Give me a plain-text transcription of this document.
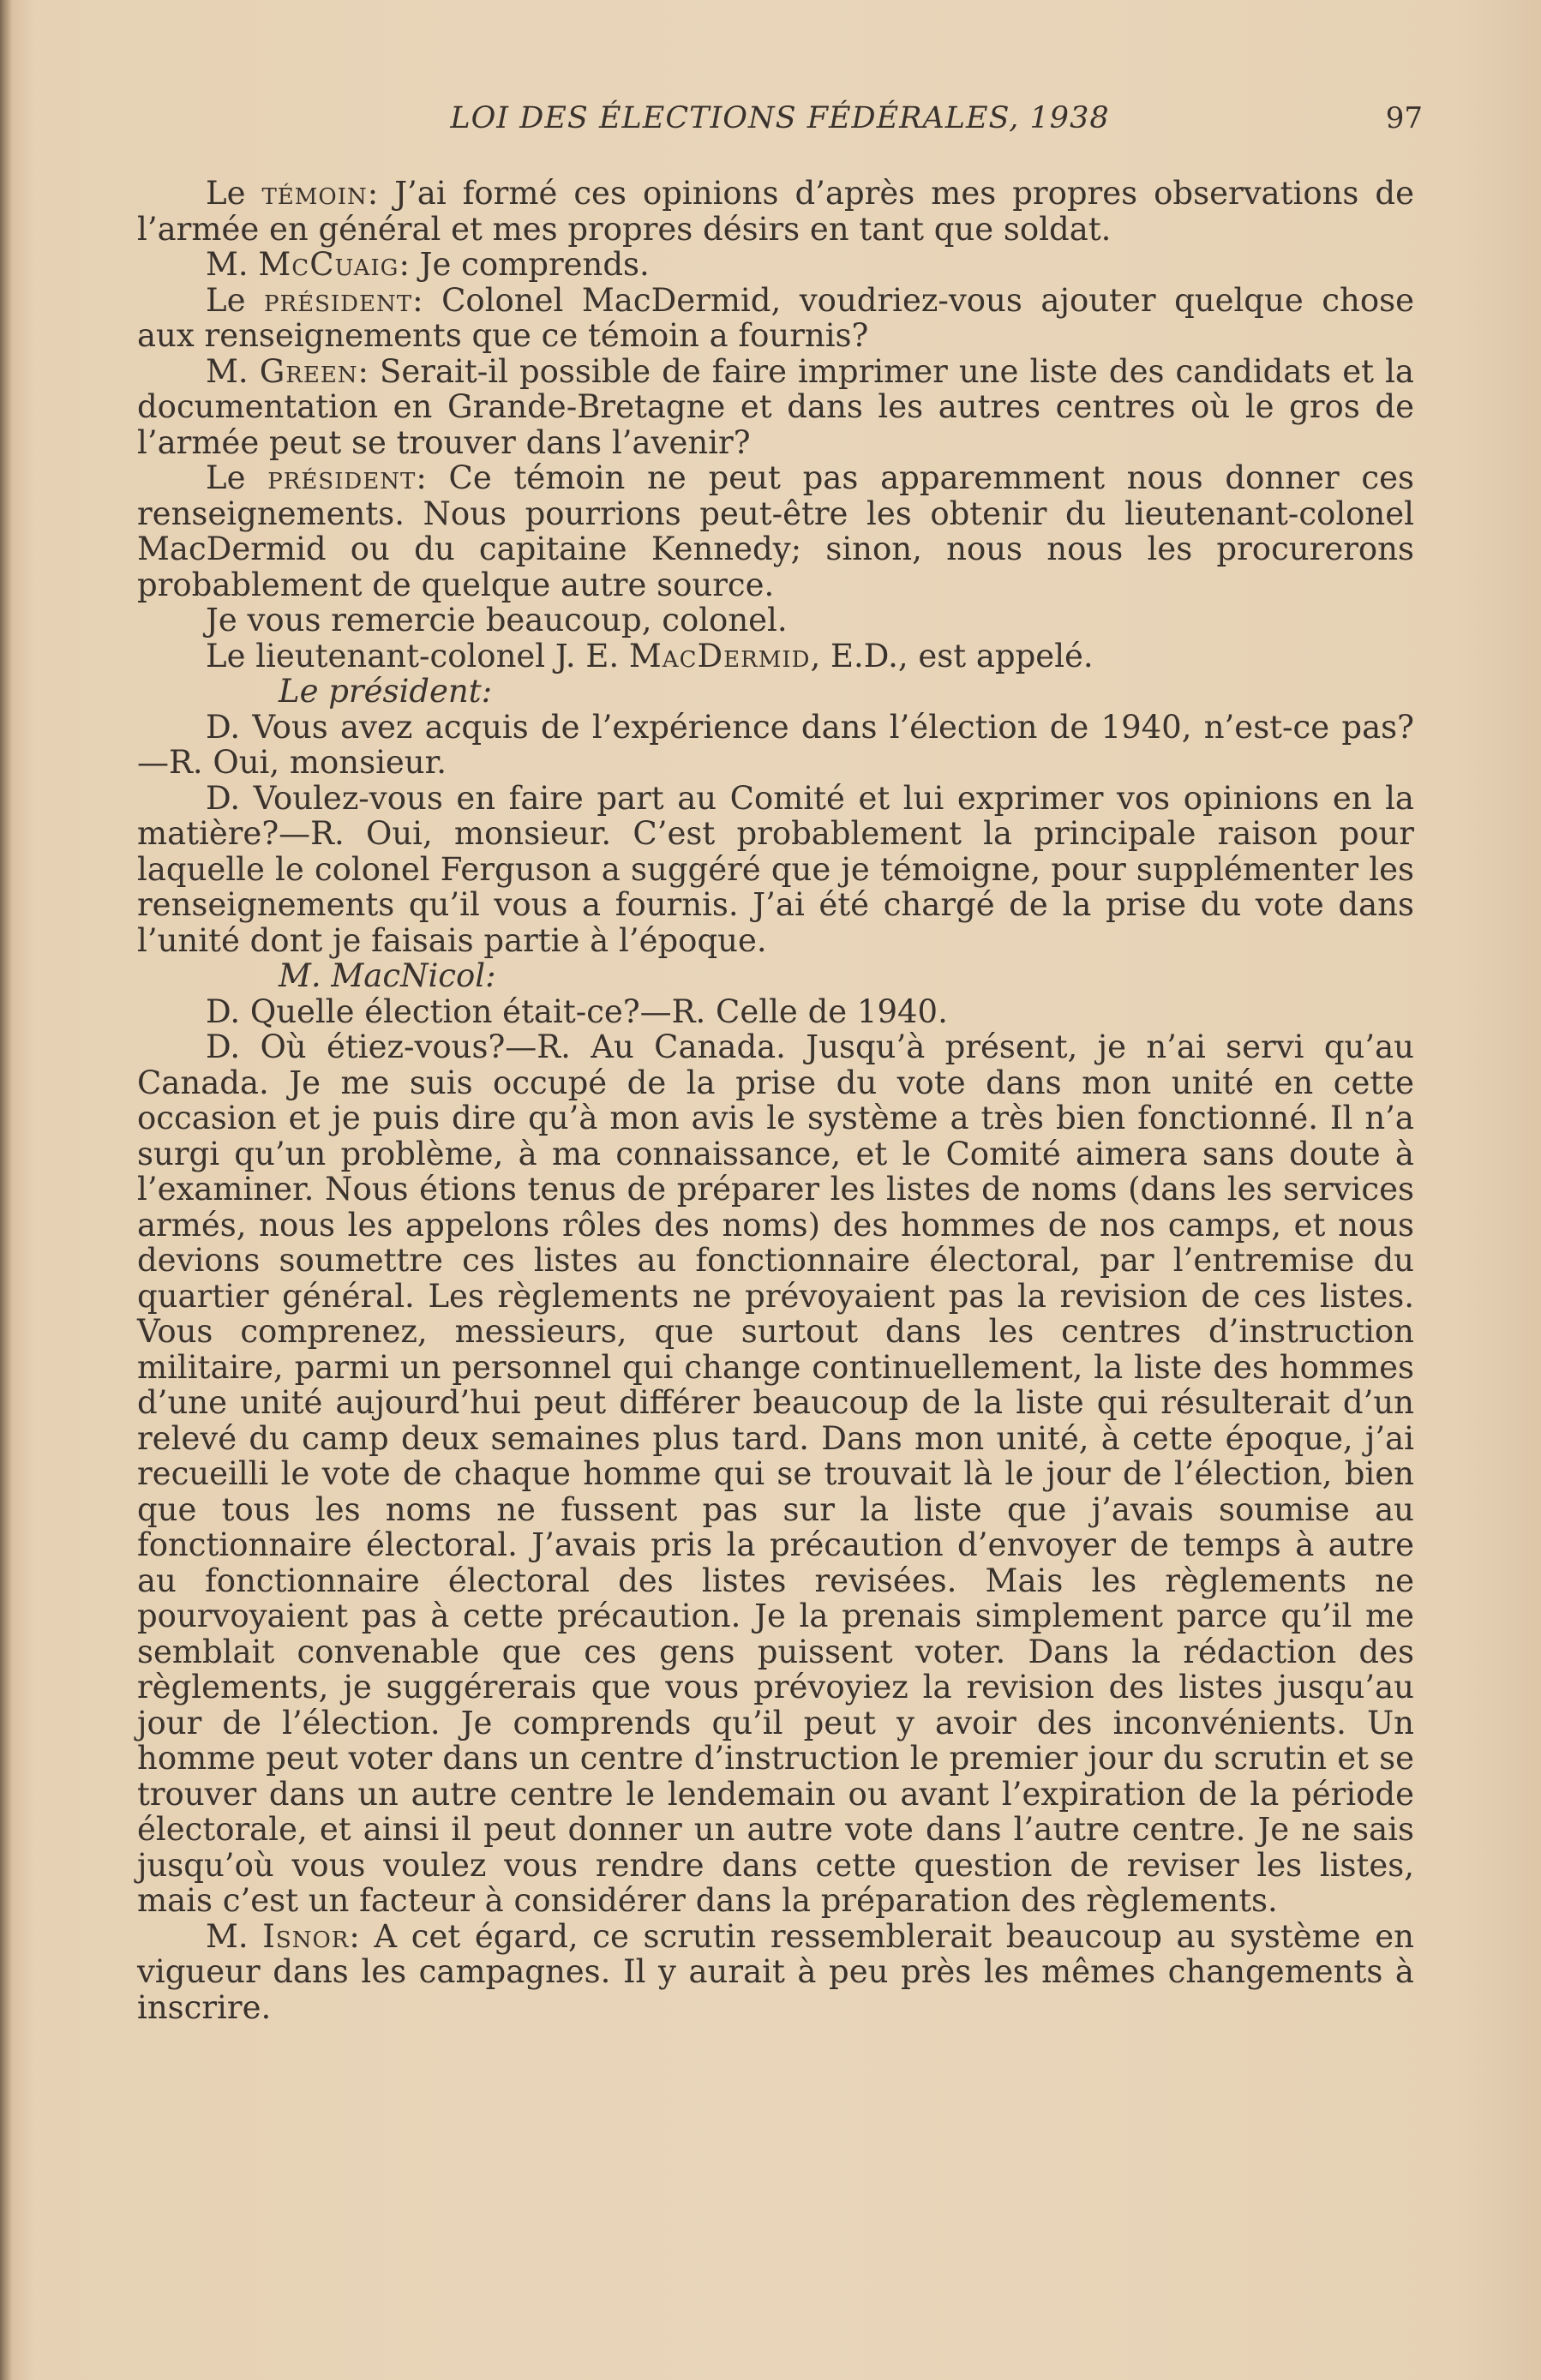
LOI DES ÉLECTIONS FÉDÉRALES, 1938	97

Le témoin: J’ai formé ces opinions d’après mes propres observations de l’armée en général et mes propres désirs en tant que soldat.

M. McCuaig: Je comprends.

Le président: Colonel MacDermid, voudriez-vous ajouter quelque chose aux renseignements que ce témoin a fournis?

M. Green: Serait-il possible de faire imprimer une liste des candidats et la documentation en Grande-Bretagne et dans les autres centres où le gros de l’armée peut se trouver dans l’avenir?

Le président: Ce témoin ne peut pas apparemment nous donner ces renseignements. Nous pourrions peut-être les obtenir du lieutenant-colonel MacDermid ou du capitaine Kennedy; sinon, nous nous les procurerons probablement de quelque autre source.

Je vous remercie beaucoup, colonel.

Le lieutenant-colonel J. E. MacDermid, E.D., est appelé.

Le président:

D. Vous avez acquis de l’expérience dans l’élection de 1940, n’est-ce pas?—R. Oui, monsieur.

D. Voulez-vous en faire part au Comité et lui exprimer vos opinions en la matière?—R. Oui, monsieur. C’est probablement la principale raison pour laquelle le colonel Ferguson a suggéré que je témoigne, pour supplémenter les renseignements qu’il vous a fournis. J’ai été chargé de la prise du vote dans l’unité dont je faisais partie à l’époque.

M. MacNicol:

D. Quelle élection était-ce?—R. Celle de 1940.

D. Où étiez-vous?—R. Au Canada. Jusqu’à présent, je n’ai servi qu’au Canada. Je me suis occupé de la prise du vote dans mon unité en cette occasion et je puis dire qu’à mon avis le système a très bien fonctionné. Il n’a surgi qu’un problème, à ma connaissance, et le Comité aimera sans doute à l’examiner. Nous étions tenus de préparer les listes de noms (dans les services armés, nous les appelons rôles des noms) des hommes de nos camps, et nous devions soumettre ces listes au fonctionnaire électoral, par l’entremise du quartier général. Les règlements ne prévoyaient pas la revision de ces listes. Vous comprenez, messieurs, que surtout dans les centres d’instruction militaire, parmi un personnel qui change continuellement, la liste des hommes d’une unité aujourd’hui peut différer beaucoup de la liste qui résulterait d’un relevé du camp deux semaines plus tard. Dans mon unité, à cette époque, j’ai recueilli le vote de chaque homme qui se trouvait là le jour de l’élection, bien que tous les noms ne fussent pas sur la liste que j’avais soumise au fonctionnaire électoral. J’avais pris la précaution d’envoyer de temps à autre au fonctionnaire électoral des listes revisées. Mais les règlements ne pourvoyaient pas à cette précaution. Je la prenais simplement parce qu’il me semblait convenable que ces gens puissent voter. Dans la rédaction des règlements, je suggérerais que vous prévoyiez la revision des listes jusqu’au jour de l’élection. Je comprends qu’il peut y avoir des inconvénients. Un homme peut voter dans un centre d’instruction le premier jour du scrutin et se trouver dans un autre centre le lendemain ou avant l’expiration de la période électorale, et ainsi il peut donner un autre vote dans l’autre centre. Je ne sais jusqu’où vous voulez vous rendre dans cette question de reviser les listes, mais c’est un facteur à considérer dans la préparation des règlements.

M. Isnor: A cet égard, ce scrutin ressemblerait beaucoup au système en vigueur dans les campagnes. Il y aurait à peu près les mêmes changements à inscrire.
